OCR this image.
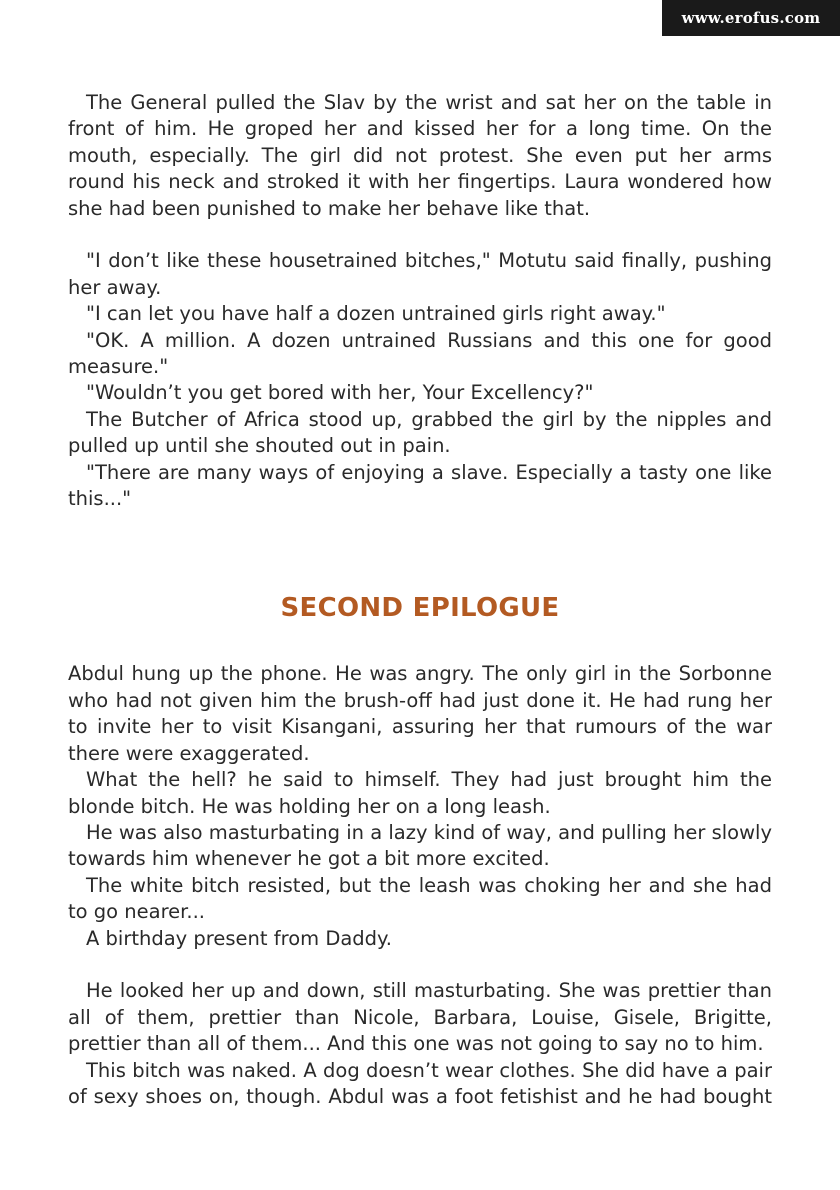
www.erofus.com

The General pulled the Slav by the wrist and sat her on the table in front of him. He groped her and kissed her for a long time. On the mouth, especially. The girl did not protest. She even put her arms round his neck and stroked it with her fingertips. Laura wondered how she had been punished to make her behave like that.

"I don’t like these housetrained bitches," Motutu said finally, pushing her away.

"I can let you have half a dozen untrained girls right away."

"OK. A million. A dozen untrained Russians and this one for good measure."

"Wouldn’t you get bored with her, Your Excellency?"

The Butcher of Africa stood up, grabbed the girl by the nipples and pulled up until she shouted out in pain.

"There are many ways of enjoying a slave. Especially a tasty one like this..."

SECOND EPILOGUE

Abdul hung up the phone. He was angry. The only girl in the Sorbonne who had not given him the brush-off had just done it. He had rung her to invite her to visit Kisangani, assuring her that rumours of the war there were exaggerated.

What the hell? he said to himself. They had just brought him the blonde bitch. He was holding her on a long leash.

He was also masturbating in a lazy kind of way, and pulling her slowly towards him whenever he got a bit more excited.

The white bitch resisted, but the leash was choking her and she had to go nearer...

A birthday present from Daddy.

He looked her up and down, still masturbating. She was prettier than all of them, prettier than Nicole, Barbara, Louise, Gisele, Brigitte, prettier than all of them... And this one was not going to say no to him.

This bitch was naked. A dog doesn’t wear clothes. She did have a pair of sexy shoes on, though. Abdul was a foot fetishist and he had bought
